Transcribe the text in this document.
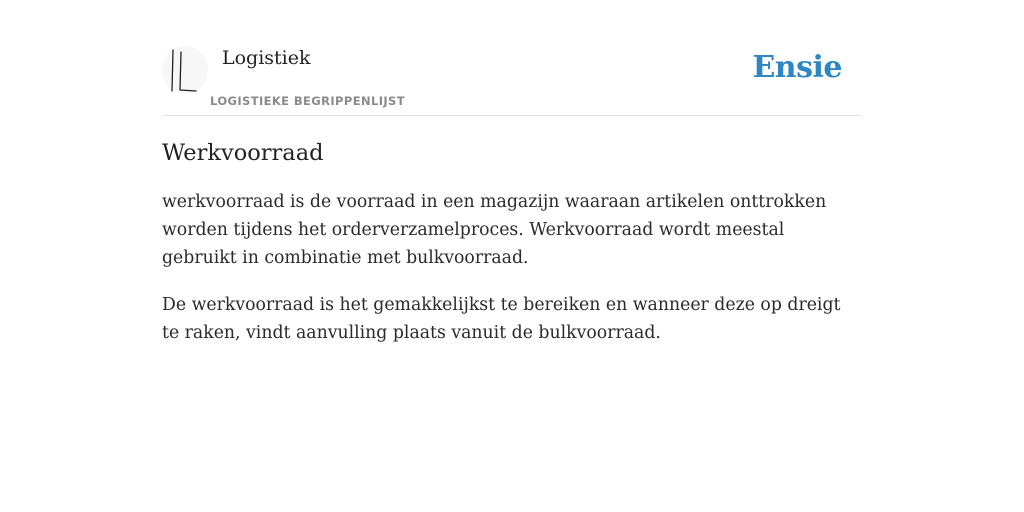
Logistiek
LOGISTIEKE BEGRIPPENLIJST
Ensie
Werkvoorraad

werkvoorraad is de voorraad in een magazijn waaraan artikelen onttrokken worden tijdens het orderverzamelproces. Werkvoorraad wordt meestal gebruikt in combinatie met bulkvoorraad.

De werkvoorraad is het gemakkelijkst te bereiken en wanneer deze op dreigt te raken, vindt aanvulling plaats vanuit de bulkvoorraad.
